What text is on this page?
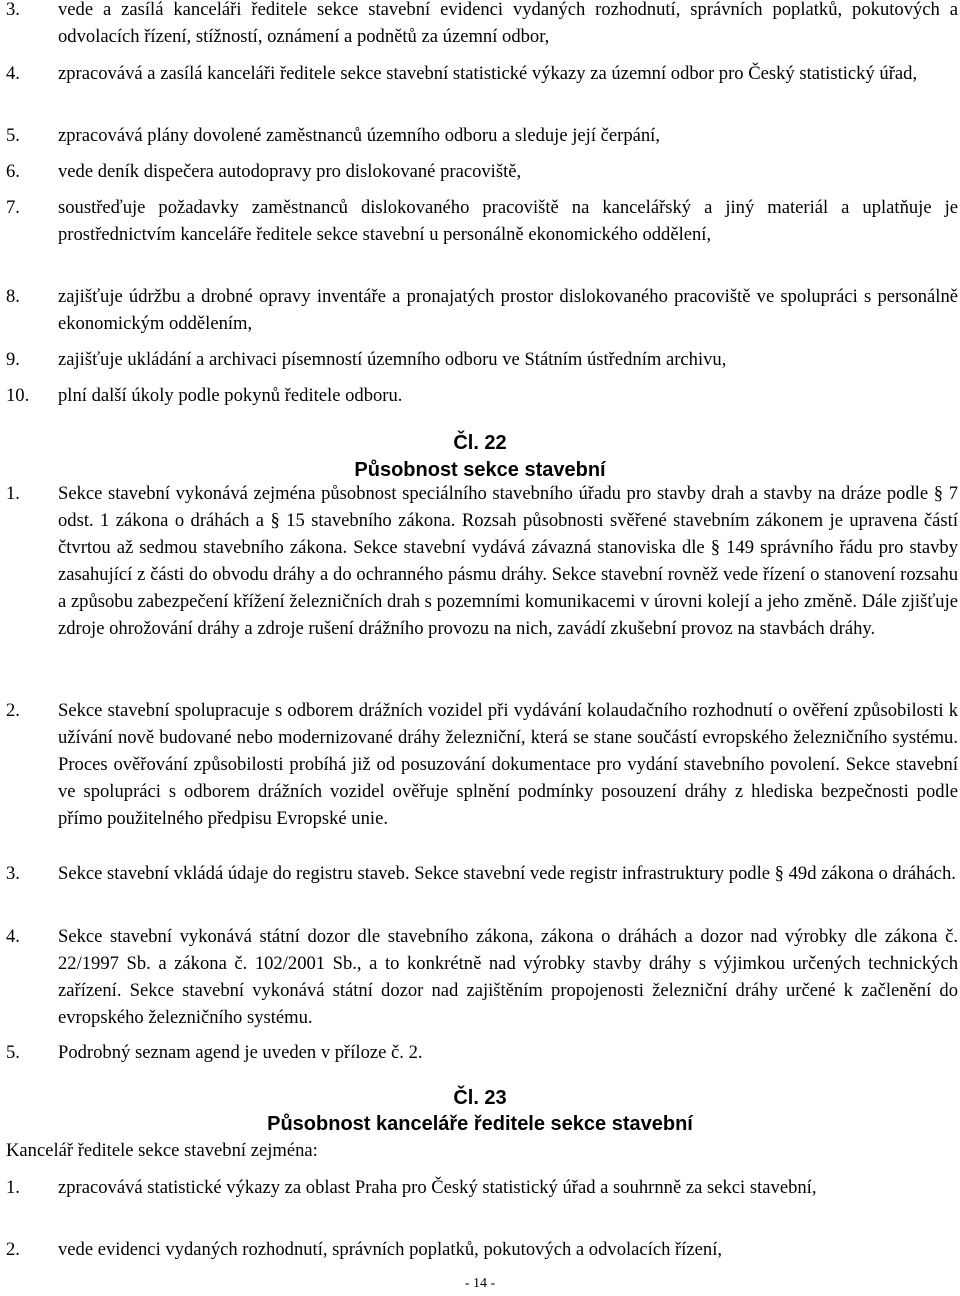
3. vede a zasílá kanceláři ředitele sekce stavební evidenci vydaných rozhodnutí, správních poplatků, pokutových a odvolacích řízení, stížností, oznámení a podnětů za územní odbor,
4. zpracovává a zasílá kanceláři ředitele sekce stavební statistické výkazy za územní odbor pro Český statistický úřad,
5. zpracovává plány dovolené zaměstnanců územního odboru a sleduje její čerpání,
6. vede deník dispečera autodopravy pro dislokované pracoviště,
7. soustřeďuje požadavky zaměstnanců dislokovaného pracoviště na kancelářský a jiný materiál a uplatňuje je prostřednictvím kanceláře ředitele sekce stavební u personálně ekonomického oddělení,
8. zajišťuje údržbu a drobné opravy inventáře a pronajatých prostor dislokovaného pracoviště ve spolupráci s personálně ekonomickým oddělením,
9. zajišťuje ukládání a archivaci písemností územního odboru ve Státním ústředním archivu,
10. plní další úkoly podle pokynů ředitele odboru.
Čl. 22
Působnost sekce stavební
1. Sekce stavební vykonává zejména působnost speciálního stavebního úřadu pro stavby drah a stavby na dráze podle § 7 odst. 1 zákona o dráhách a § 15 stavebního zákona. Rozsah působnosti svěřené stavebním zákonem je upravena částí čtvrtou až sedmou stavebního zákona. Sekce stavební vydává závazná stanoviska dle § 149 správního řádu pro stavby zasahující z části do obvodu dráhy a do ochranného pásmu dráhy. Sekce stavební rovněž vede řízení o stanovení rozsahu a způsobu zabezpečení křížení železničních drah s pozemními komunikacemi v úrovni kolejí a jeho změně. Dále zjišťuje zdroje ohrožování dráhy a zdroje rušení drážního provozu na nich, zavádí zkušební provoz na stavbách dráhy.
2. Sekce stavební spolupracuje s odborem drážních vozidel při vydávání kolaudačního rozhodnutí o ověření způsobilosti k užívání nově budované nebo modernizované dráhy železniční, která se stane součástí evropského železničního systému. Proces ověřování způsobilosti probíhá již od posuzování dokumentace pro vydání stavebního povolení. Sekce stavební ve spolupráci s odborem drážních vozidel ověřuje splnění podmínky posouzení dráhy z hlediska bezpečnosti podle přímo použitelného předpisu Evropské unie.
3. Sekce stavební vkládá údaje do registru staveb. Sekce stavební vede registr infrastruktury podle § 49d zákona o dráhách.
4. Sekce stavební vykonává státní dozor dle stavebního zákona, zákona o dráhách a dozor nad výrobky dle zákona č. 22/1997 Sb. a zákona č. 102/2001 Sb., a to konkrétně nad výrobky stavby dráhy s výjimkou určených technických zařízení. Sekce stavební vykonává státní dozor nad zajištěním propojenosti železniční dráhy určené k začlenění do evropského železničního systému.
5. Podrobný seznam agend je uveden v příloze č. 2.
Čl. 23
Působnost kanceláře ředitele sekce stavební
Kancelář ředitele sekce stavební zejména:
1. zpracovává statistické výkazy za oblast Praha pro Český statistický úřad a souhrnně za sekci stavební,
2. vede evidenci vydaných rozhodnutí, správních poplatků, pokutových a odvolacích řízení,
- 14 -
